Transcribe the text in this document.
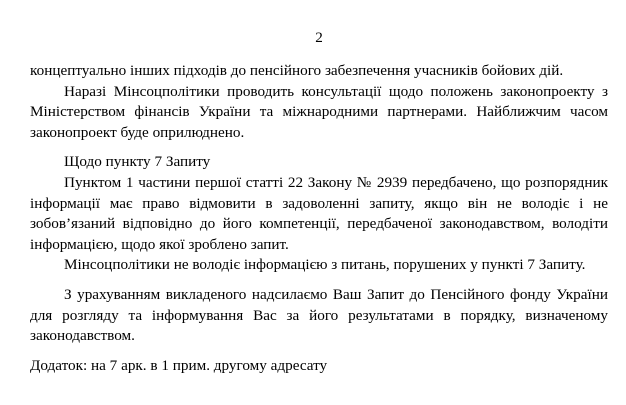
2

концептуально інших підходів до пенсійного забезпечення учасників бойових дій.

Наразі Мінсоцполітики проводить консультації щодо положень законопроекту з Міністерством фінансів України та міжнародними партнерами. Найближчим часом законопроект буде оприлюднено.

Щодо пункту 7 Запиту

Пунктом 1 частини першої статті 22 Закону № 2939 передбачено, що розпорядник інформації має право відмовити в задоволенні запиту, якщо він не володіє і не зобов’язаний відповідно до його компетенції, передбаченої законодавством, володіти інформацією, щодо якої зроблено запит.

Мінсоцполітики не володіє інформацією з питань, порушених у пункті 7 Запиту.

З урахуванням викладеного надсилаємо Ваш Запит до Пенсійного фонду України для розгляду та інформування Вас за його результатами в порядку, визначеному законодавством.

Додаток: на 7 арк. в 1 прим. другому адресату
